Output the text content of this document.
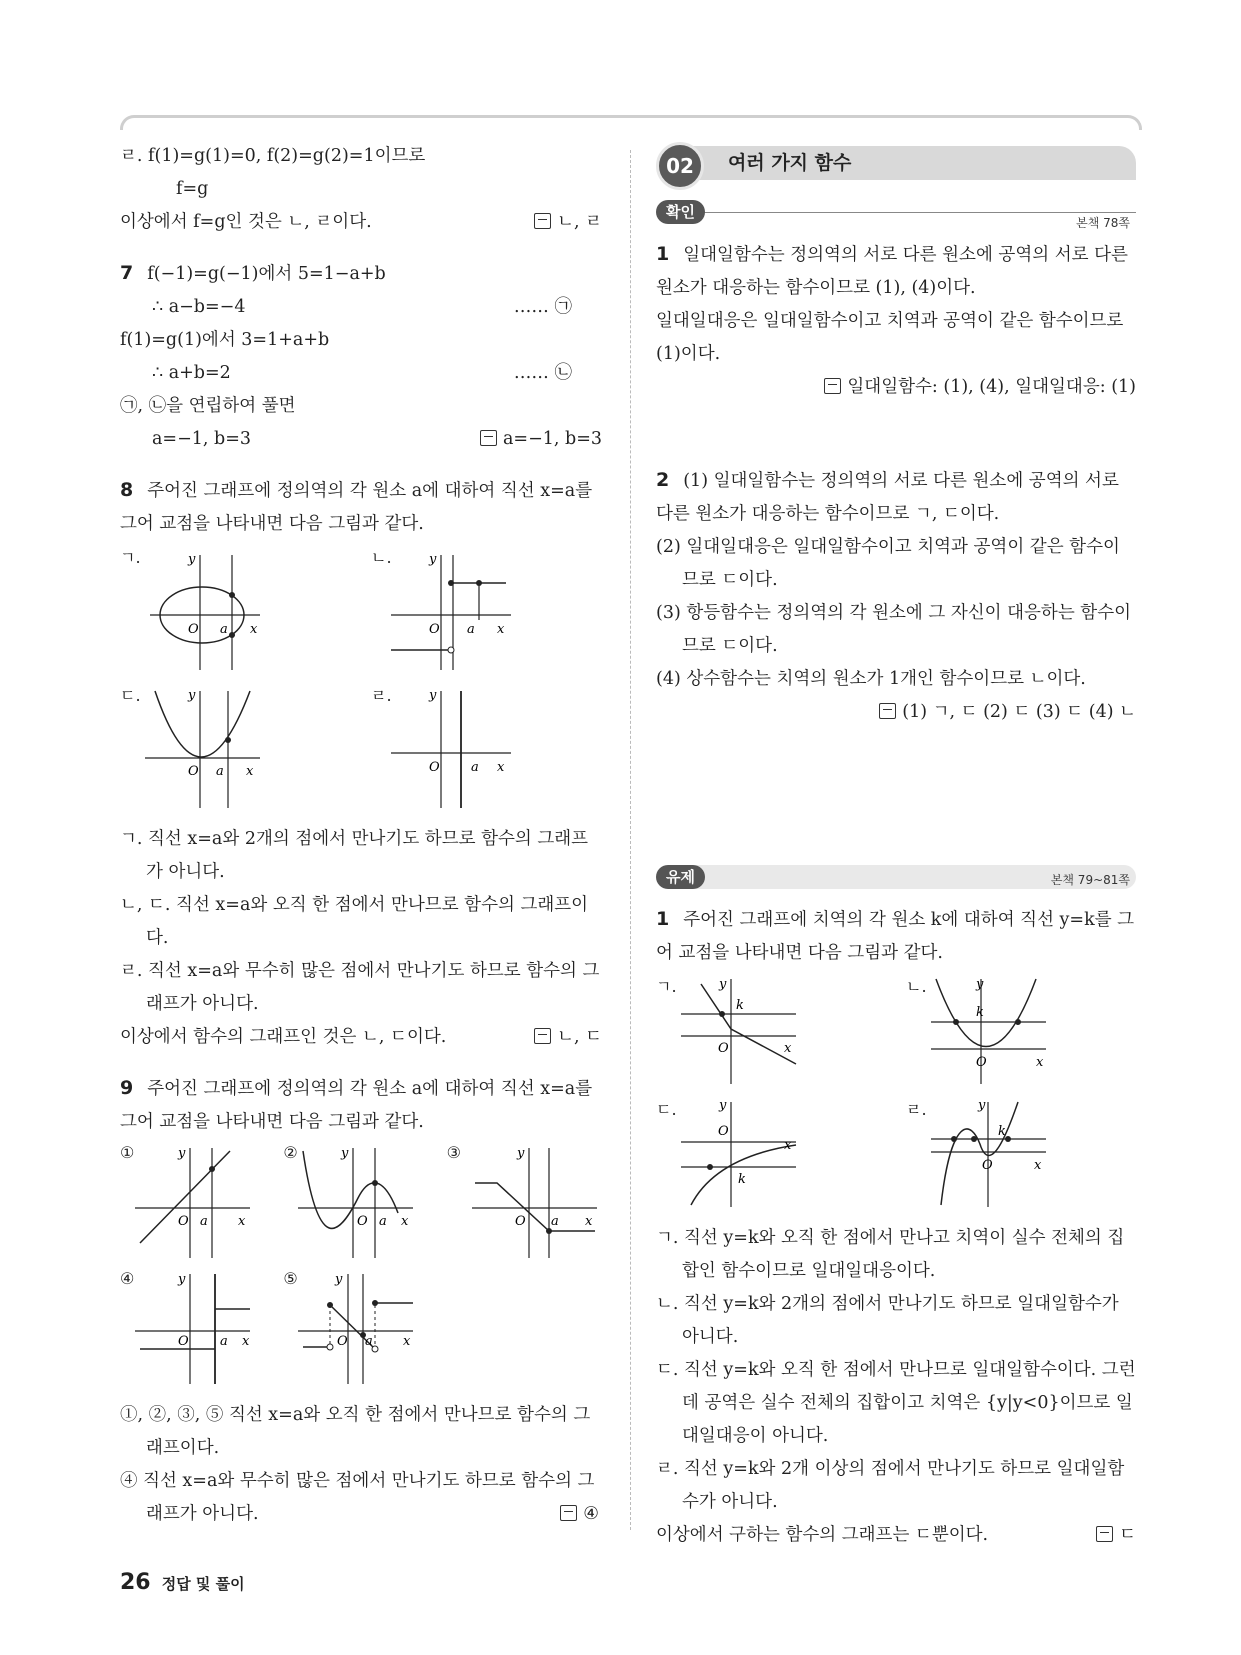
ㄹ. f(1)=g(1)=0, f(2)=g(2)=1이므로

f=g

이상에서 f=g인 것은 ㄴ, ㄹ이다.	ㄴ, ㄹ

7 f(−1)=g(−1)에서 5=1−a+b

∴ a−b=−4	…… ㉠

f(1)=g(1)에서 3=1+a+b

∴ a+b=2	…… ㉡

㉠, ㉡을 연립하여 풀면

a=−1, b=3	a=−1, b=3

8 주어진 그래프에 정의역의 각 원소 a에 대하여 직선 x=a를 그어 교점을 나타내면 다음 그림과 같다.

ㄱ.
O a x
y	ㄴ.
O a x
y
ㄷ.
O a x
y	ㄹ.
O a x
y

ㄱ. 직선 x=a와 2개의 점에서 만나기도 하므로 함수의 그래프가 아니다.

ㄴ, ㄷ. 직선 x=a와 오직 한 점에서 만나므로 함수의 그래프이다.

ㄹ. 직선 x=a와 무수히 많은 점에서 만나기도 하므로 함수의 그래프가 아니다.

이상에서 함수의 그래프인 것은 ㄴ, ㄷ이다.	ㄴ, ㄷ

9 주어진 그래프에 정의역의 각 원소 a에 대하여 직선 x=a를 그어 교점을 나타내면 다음 그림과 같다.

①
O a x
y	②
O a x
y	③
O a x
y
④
O a x
y	⑤
O a x
y

①, ②, ③, ⑤ 직선 x=a와 오직 한 점에서 만나므로 함수의 그래프이다.

④ 직선 x=a와 무수히 많은 점에서 만나기도 하므로 함수의 그래프가 아니다.	④

02	여러 가지 함수
확인
본책 78쪽

1 일대일함수는 정의역의 서로 다른 원소에 공역의 서로 다른 원소가 대응하는 함수이므로 (1), (4)이다.

일대일대응은 일대일함수이고 치역과 공역이 같은 함수이므로 (1)이다.

일대일함수: (1), (4), 일대일대응: (1)

2 (1) 일대일함수는 정의역의 서로 다른 원소에 공역의 서로 다른 원소가 대응하는 함수이므로 ㄱ, ㄷ이다.

(2) 일대일대응은 일대일함수이고 치역과 공역이 같은 함수이므로 ㄷ이다.

(3) 항등함수는 정의역의 각 원소에 그 자신이 대응하는 함수이므로 ㄷ이다.

(4) 상수함수는 치역의 원소가 1개인 함수이므로 ㄴ이다.

(1) ㄱ, ㄷ (2) ㄷ (3) ㄷ (4) ㄴ

유제	본책 79~81쪽

1 주어진 그래프에 치역의 각 원소 k에 대하여 직선 y=k를 그어 교점을 나타내면 다음 그림과 같다.

ㄱ.
O
k
x
y	ㄴ.
O
k
x
y
ㄷ.
O
k
x
y	ㄹ.
O
k
x
y

ㄱ. 직선 y=k와 오직 한 점에서 만나고 치역이 실수 전체의 집합인 함수이므로 일대일대응이다.

ㄴ. 직선 y=k와 2개의 점에서 만나기도 하므로 일대일함수가 아니다.

ㄷ. 직선 y=k와 오직 한 점에서 만나므로 일대일함수이다. 그런데 공역은 실수 전체의 집합이고 치역은 {y|y<0}이므로 일대일대응이 아니다.

ㄹ. 직선 y=k와 2개 이상의 점에서 만나기도 하므로 일대일함수가 아니다.

이상에서 구하는 함수의 그래프는 ㄷ뿐이다.	ㄷ

26 정답 및 풀이
